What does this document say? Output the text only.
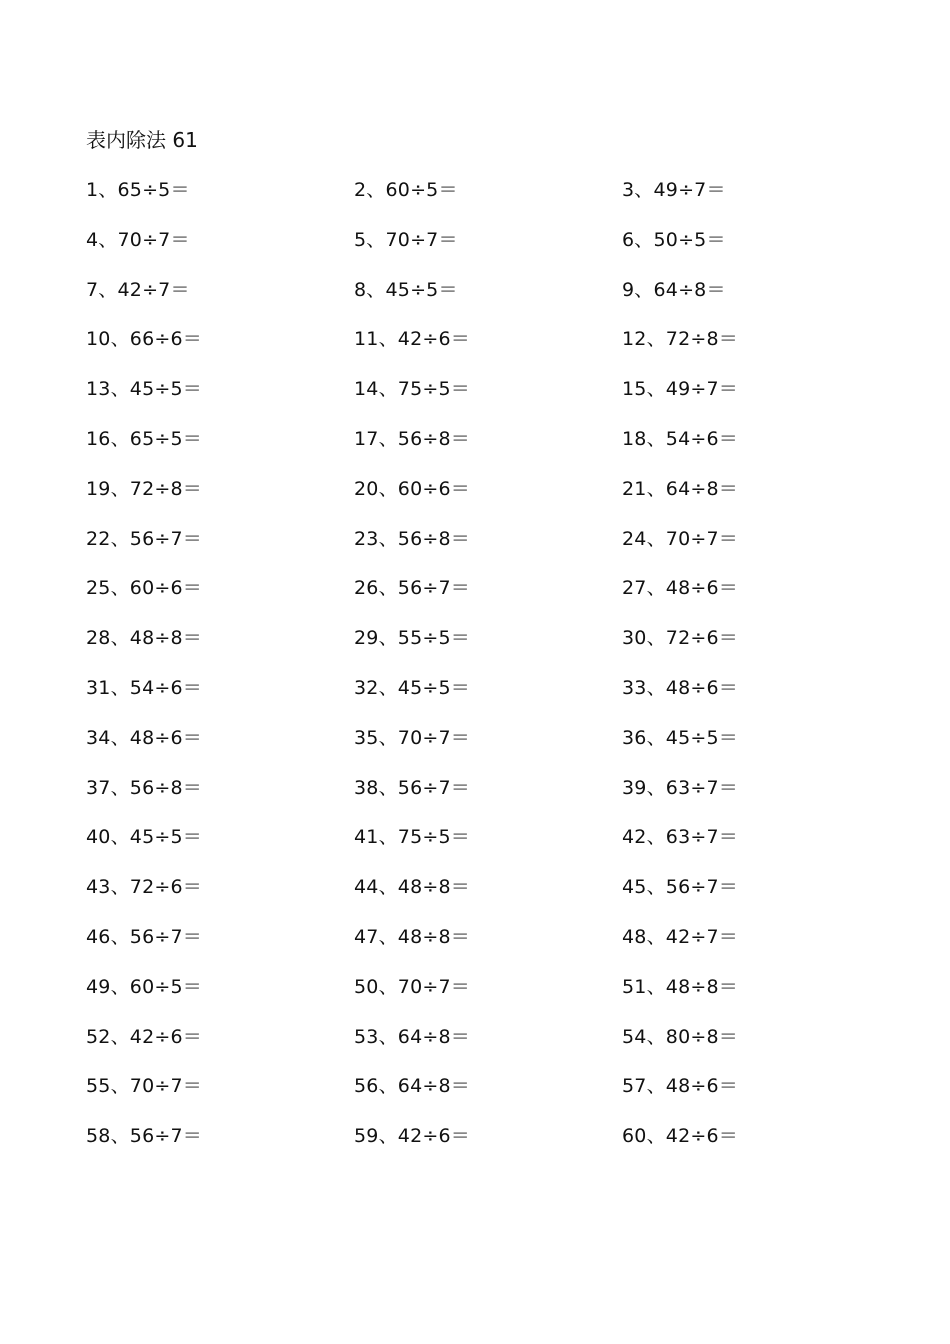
表内除法 61
1、65÷5＝	2、60÷5＝	3、49÷7＝
4、70÷7＝	5、70÷7＝	6、50÷5＝
7、42÷7＝	8、45÷5＝	9、64÷8＝
10、66÷6＝	11、42÷6＝	12、72÷8＝
13、45÷5＝	14、75÷5＝	15、49÷7＝
16、65÷5＝	17、56÷8＝	18、54÷6＝
19、72÷8＝	20、60÷6＝	21、64÷8＝
22、56÷7＝	23、56÷8＝	24、70÷7＝
25、60÷6＝	26、56÷7＝	27、48÷6＝
28、48÷8＝	29、55÷5＝	30、72÷6＝
31、54÷6＝	32、45÷5＝	33、48÷6＝
34、48÷6＝	35、70÷7＝	36、45÷5＝
37、56÷8＝	38、56÷7＝	39、63÷7＝
40、45÷5＝	41、75÷5＝	42、63÷7＝
43、72÷6＝	44、48÷8＝	45、56÷7＝
46、56÷7＝	47、48÷8＝	48、42÷7＝
49、60÷5＝	50、70÷7＝	51、48÷8＝
52、42÷6＝	53、64÷8＝	54、80÷8＝
55、70÷7＝	56、64÷8＝	57、48÷6＝
58、56÷7＝	59、42÷6＝	60、42÷6＝
